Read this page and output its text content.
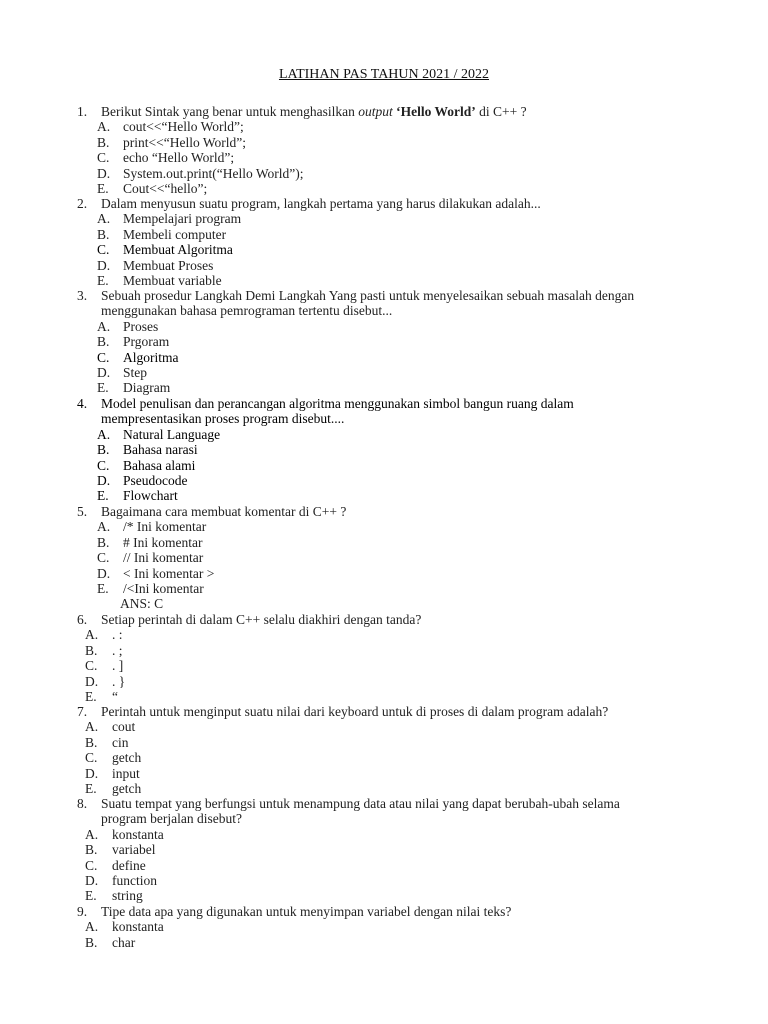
LATIHAN PAS TAHUN 2021 / 2022
1. Berikut Sintak yang benar untuk menghasilkan output ‘Hello World’ di C++ ?
A. cout<<“Hello World”;
B. print<<“Hello World”;
C. echo “Hello World”;
D. System.out.print(“Hello World”);
E. Cout<<“hello”;
2. Dalam menyusun suatu program, langkah pertama yang harus dilakukan adalah...
A. Mempelajari program
B. Membeli computer
C. Membuat Algoritma
D. Membuat Proses
E. Membuat variable
3. Sebuah prosedur Langkah Demi Langkah Yang pasti untuk menyelesaikan sebuah masalah dengan
menggunakan bahasa pemrograman tertentu disebut...
A. Proses
B. Prgoram
C. Algoritma
D. Step
E. Diagram
4. Model penulisan dan perancangan algoritma menggunakan simbol bangun ruang dalam
mempresentasikan proses program disebut....
A. Natural Language
B. Bahasa narasi
C. Bahasa alami
D. Pseudocode
E. Flowchart
5. Bagaimana cara membuat komentar di C++ ?
A. /* Ini komentar
B. # Ini komentar
C. // Ini komentar
D. < Ini komentar >
E. /<Ini komentar
ANS: C
6. Setiap perintah di dalam C++ selalu diakhiri dengan tanda?
A. . :
B. . ;
C. . ]
D. . }
E. “
7. Perintah untuk menginput suatu nilai dari keyboard untuk di proses di dalam program adalah?
A. cout
B. cin
C. getch
D. input
E. getch
8. Suatu tempat yang berfungsi untuk menampung data atau nilai yang dapat berubah-ubah selama
program berjalan disebut?
A. konstanta
B. variabel
C. define
D. function
E. string
9. Tipe data apa yang digunakan untuk menyimpan variabel dengan nilai teks?
A. konstanta
B. char
